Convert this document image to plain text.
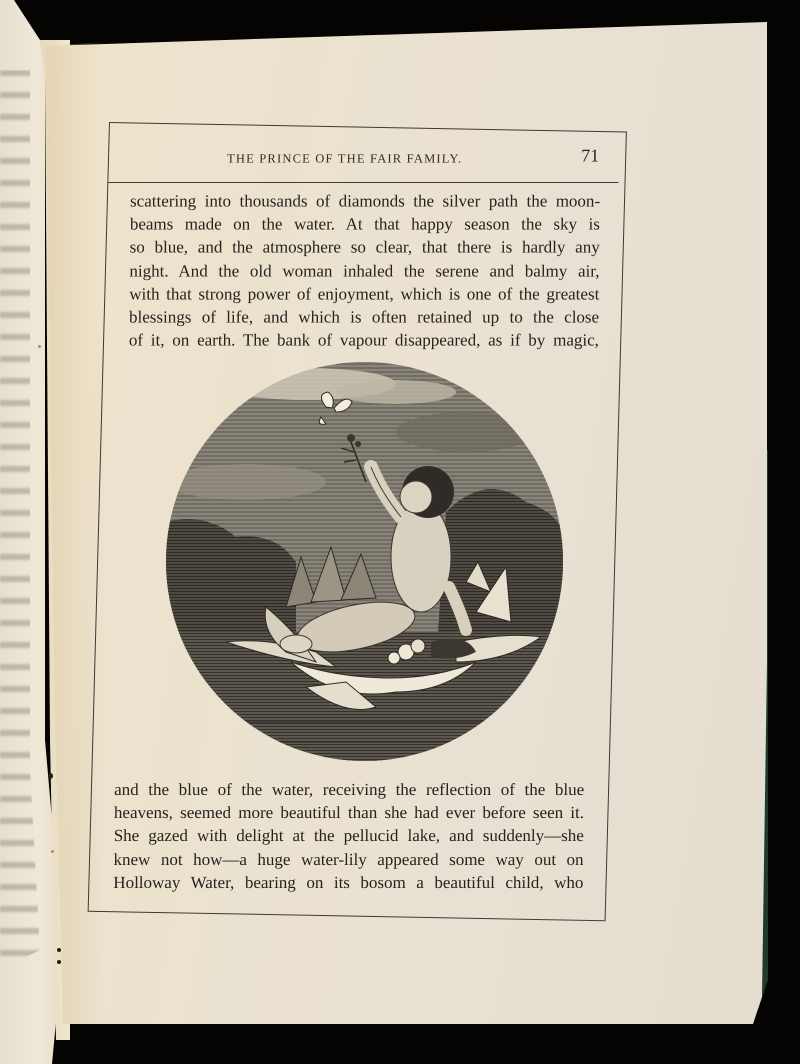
THE PRINCE OF THE FAIR FAMILY.	71
scattering into thousands of diamonds the silver path the moon-
beams made on the water. At that happy season the sky is
so blue, and the atmosphere so clear, that there is hardly any
night. And the old woman inhaled the serene and balmy air,
with that strong power of enjoyment, which is one of the greatest
blessings of life, and which is often retained up to the close
of it, on earth. The bank of vapour disappeared, as if by magic,
and the blue of the water, receiving the reflection of the blue
heavens, seemed more beautiful than she had ever before seen it.
She gazed with delight at the pellucid lake, and suddenly—she
knew not how—a huge water-lily appeared some way out on
Holloway Water, bearing on its bosom a beautiful child, who
